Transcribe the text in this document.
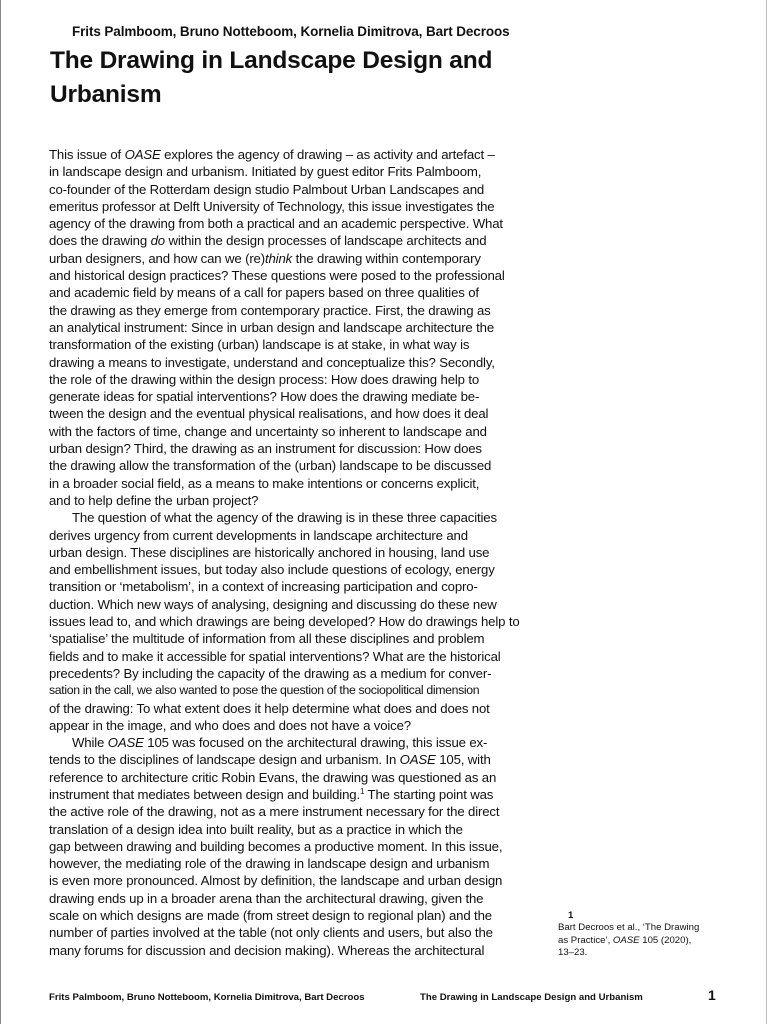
Frits Palmboom, Bruno Notteboom, Kornelia Dimitrova, Bart Decroos
The Drawing in Landscape Design and
Urbanism
This issue of OASE explores the agency of drawing – as activity and artefact –
in landscape design and urbanism. Initiated by guest editor Frits Palmboom,
co-founder of the Rotterdam design studio Palmbout Urban Landscapes and
emeritus professor at Delft University of Technology, this issue investigates the
agency of the drawing from both a practical and an academic perspective. What
does the drawing do within the design processes of landscape architects and
urban designers, and how can we (re)think the drawing within contemporary
and historical design practices? These questions were posed to the professional
and academic field by means of a call for papers based on three qualities of
the drawing as they emerge from contemporary practice. First, the drawing as
an analytical instrument: Since in urban design and landscape architecture the
transformation of the existing (urban) landscape is at stake, in what way is
drawing a means to investigate, understand and conceptualize this? Secondly,
the role of the drawing within the design process: How does drawing help to
generate ideas for spatial interventions? How does the drawing mediate be-
tween the design and the eventual physical realisations, and how does it deal
with the factors of time, change and uncertainty so inherent to landscape and
urban design? Third, the drawing as an instrument for discussion: How does
the drawing allow the transformation of the (urban) landscape to be discussed
in a broader social field, as a means to make intentions or concerns explicit,
and to help define the urban project?
The question of what the agency of the drawing is in these three capacities
derives urgency from current developments in landscape architecture and
urban design. These disciplines are historically anchored in housing, land use
and embellishment issues, but today also include questions of ecology, energy
transition or ‘metabolism’, in a context of increasing participation and copro-
duction. Which new ways of analysing, designing and discussing do these new
issues lead to, and which drawings are being developed? How do drawings help to
‘spatialise’ the multitude of information from all these disciplines and problem
fields and to make it accessible for spatial interventions? What are the historical
precedents? By including the capacity of the drawing as a medium for conver-
sation in the call, we also wanted to pose the question of the sociopolitical dimension
of the drawing: To what extent does it help determine what does and does not
appear in the image, and who does and does not have a voice?
While OASE 105 was focused on the architectural drawing, this issue ex-
tends to the disciplines of landscape design and urbanism. In OASE 105, with
reference to architecture critic Robin Evans, the drawing was questioned as an
instrument that mediates between design and building.$^1$ The starting point was
the active role of the drawing, not as a mere instrument necessary for the direct
translation of a design idea into built reality, but as a practice in which the
gap between drawing and building becomes a productive moment. In this issue,
however, the mediating role of the drawing in landscape design and urbanism
is even more pronounced. Almost by definition, the landscape and urban design
drawing ends up in a broader arena than the architectural drawing, given the
scale on which designs are made (from street design to regional plan) and the
number of parties involved at the table (not only clients and users, but also the
many forums for discussion and decision making). Whereas the architectural
1
Bart Decroos et al., ‘The Drawing
as Practice’, OASE 105 (2020),
13–23.
Frits Palmboom, Bruno Notteboom, Kornelia Dimitrova, Bart Decroos	The Drawing in Landscape Design and Urbanism	1
